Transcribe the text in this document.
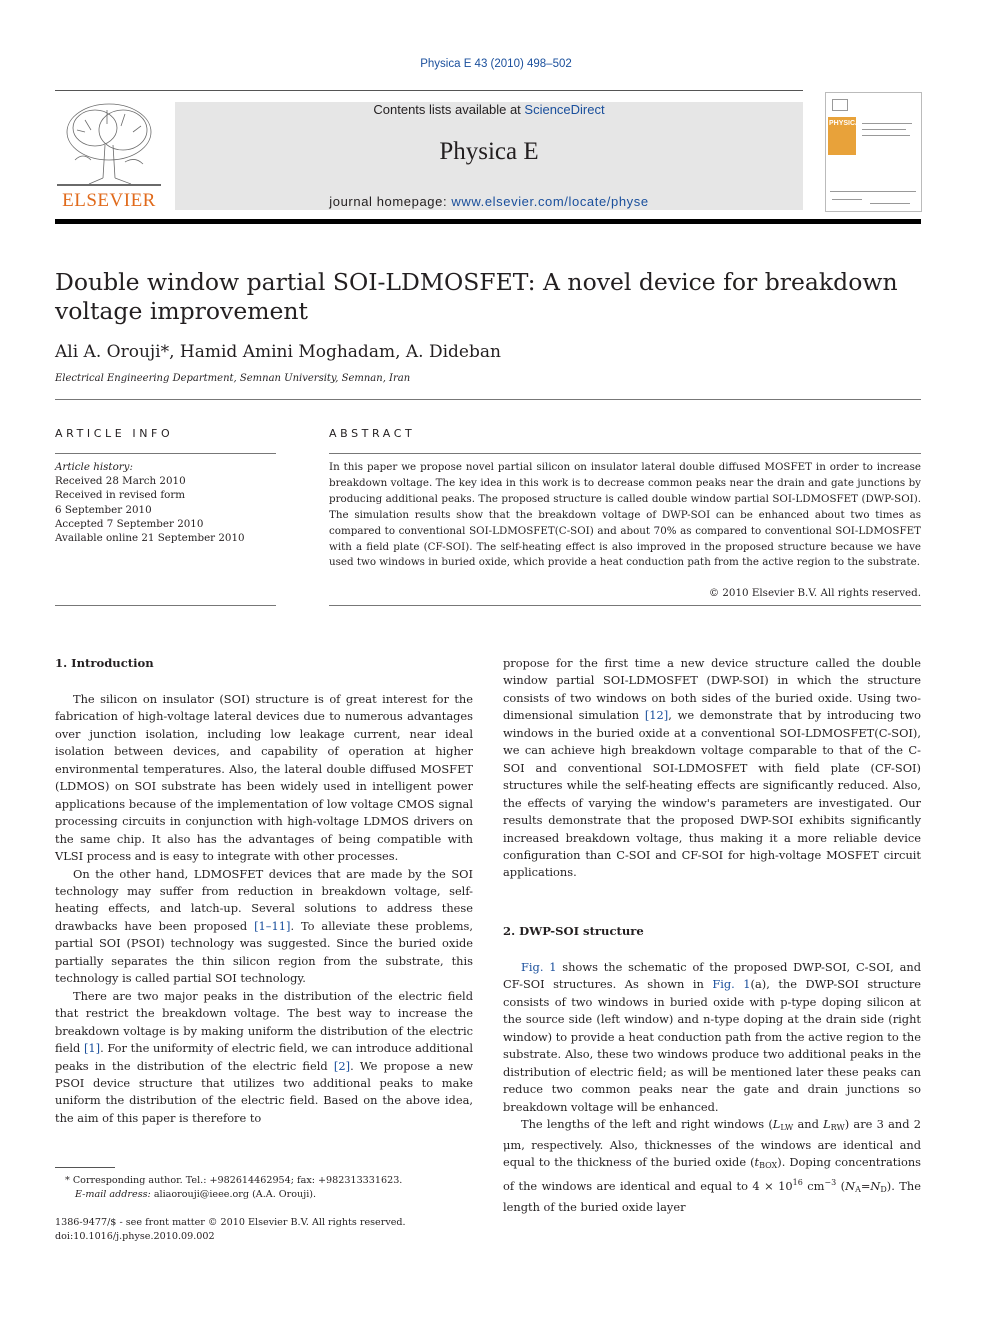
Physica E 43 (2010) 498–502
ELSEVIER
Contents lists available at ScienceDirect
Physica E
journal homepage: www.elsevier.com/locate/physe
PHYSICA
Double window partial SOI-LDMOSFET: A novel device for breakdown
voltage improvement
Ali A. Orouji*, Hamid Amini Moghadam, A. Dideban
Electrical Engineering Department, Semnan University, Semnan, Iran
ARTICLE INFO	ABSTRACT
Article history:
Received 28 March 2010
Received in revised form
6 September 2010
Accepted 7 September 2010
Available online 21 September 2010
In this paper we propose novel partial silicon on insulator lateral double diffused MOSFET in order to increase breakdown voltage. The key idea in this work is to decrease common peaks near the drain and gate junctions by producing additional peaks. The proposed structure is called double window partial SOI-LDMOSFET (DWP-SOI). The simulation results show that the breakdown voltage of DWP-SOI can be enhanced about two times as compared to conventional SOI-LDMOSFET(C-SOI) and about 70% as compared to conventional SOI-LDMOSFET with a field plate (CF-SOI). The self-heating effect is also improved in the proposed structure because we have used two windows in buried oxide, which provide a heat conduction path from the active region to the substrate.
© 2010 Elsevier B.V. All rights reserved.
1. Introduction

The silicon on insulator (SOI) structure is of great interest for the fabrication of high-voltage lateral devices due to numerous advantages over junction isolation, including low leakage current, near ideal isolation between devices, and capability of operation at higher environmental temperatures. Also, the lateral double diffused MOSFET (LDMOS) on SOI substrate has been widely used in intelligent power applications because of the implementation of low voltage CMOS signal processing circuits in conjunction with high-voltage LDMOS drivers on the same chip. It also has the advantages of being compatible with VLSI process and is easy to integrate with other processes.

On the other hand, LDMOSFET devices that are made by the SOI technology may suffer from reduction in breakdown voltage, self-heating effects, and latch-up. Several solutions to address these drawbacks have been proposed [1–11]. To alleviate these problems, partial SOI (PSOI) technology was suggested. Since the buried oxide partially separates the thin silicon region from the substrate, this technology is called partial SOI technology.

There are two major peaks in the distribution of the electric field that restrict the breakdown voltage. The best way to increase the breakdown voltage is by making uniform the distribution of the electric field [1]. For the uniformity of electric field, we can introduce additional peaks in the distribution of the electric field [2]. We propose a new PSOI device structure that utilizes two additional peaks to make uniform the distribution of the electric field. Based on the above idea, the aim of this paper is therefore to

propose for the first time a new device structure called the double window partial SOI-LDMOSFET (DWP-SOI) in which the structure consists of two windows on both sides of the buried oxide. Using two-dimensional simulation [12], we demonstrate that by introducing two windows in the buried oxide at a conventional SOI-LDMOSFET(C-SOI), we can achieve high breakdown voltage comparable to that of the C-SOI and conventional SOI-LDMOSFET with field plate (CF-SOI) structures while the self-heating effects are significantly reduced. Also, the effects of varying the window's parameters are investigated. Our results demonstrate that the proposed DWP-SOI exhibits significantly increased breakdown voltage, thus making it a more reliable device configuration than C-SOI and CF-SOI for high-voltage MOSFET circuit applications.

2. DWP-SOI structure

Fig. 1 shows the schematic of the proposed DWP-SOI, C-SOI, and CF-SOI structures. As shown in Fig. 1(a), the DWP-SOI structure consists of two windows in buried oxide with p-type doping silicon at the source side (left window) and n-type doping at the drain side (right window) to provide a heat conduction path from the active region to the substrate. Also, these two windows produce two additional peaks in the distribution of electric field; as will be mentioned later these peaks can reduce two common peaks near the gate and drain junctions so breakdown voltage will be enhanced.

The lengths of the left and right windows ($L_{LW}$ and $L_{RW}$) are 3 and 2 μm, respectively. Also, thicknesses of the windows are identical and equal to the thickness of the buried oxide $(t_{BOX})$. Doping concentrations of the windows are identical and equal to $4 \times 10^{16}$ $cm^{-3}$ $(N_A=N_D)$. The length of the buried oxide layer

* Corresponding author. Tel.: +982614462954; fax: +982313331623.
E-mail address: aliaorouji@ieee.org (A.A. Orouji).
1386-9477/$ - see front matter © 2010 Elsevier B.V. All rights reserved.
doi:10.1016/j.physe.2010.09.002
